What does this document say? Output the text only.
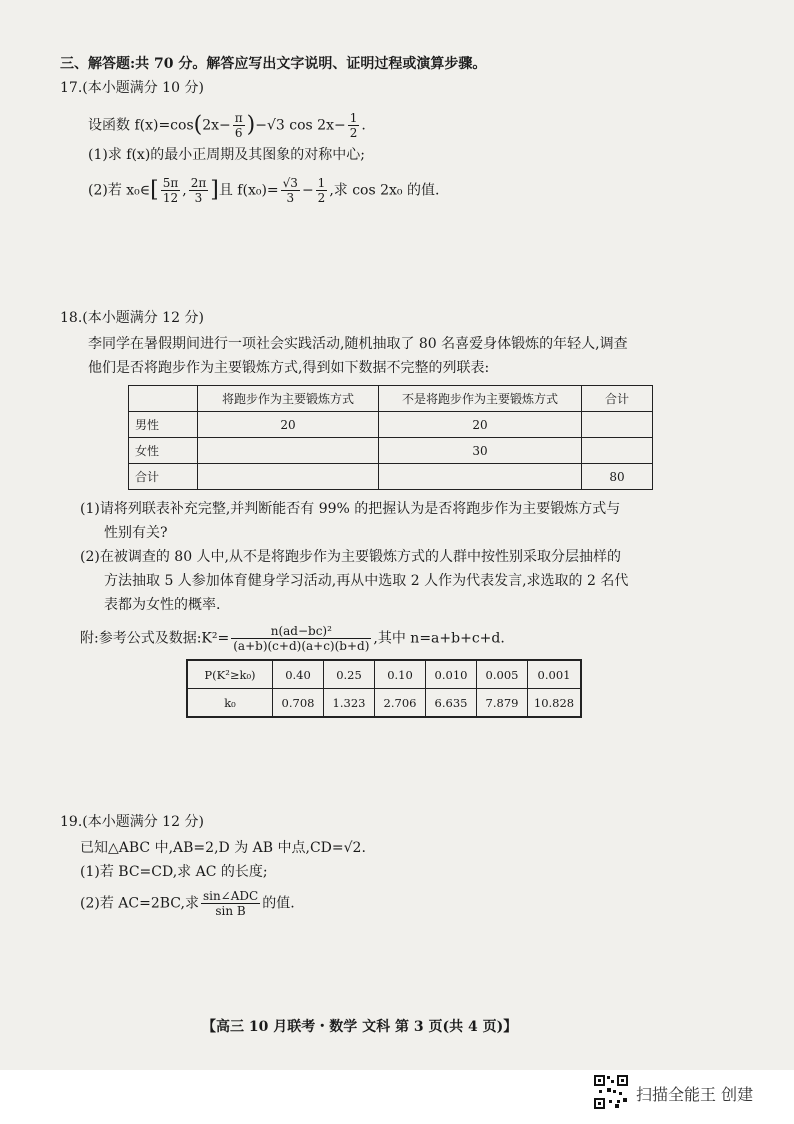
三、解答题:共 70 分。解答应写出文字说明、证明过程或演算步骤。
17.(本小题满分 10 分)
设函数 $f(x)=\cos(2x- \frac{\pi}{6} )-√3$ $\cos 2x- \frac{1}{2}$ .
(1)求 f(x)的最小正周期及其图象的对称中心;
(2)若 x₀∈[ $\frac{5\pi}{12}$ , $\frac{2\pi}{3}$ ]且 $f(x_0)= \frac{√3}{3} - \frac{1}{2}$ ,求 cos 2x₀ 的值.
18.(本小题满分 12 分)
李同学在暑假期间进行一项社会实践活动,随机抽取了 80 名喜爱身体锻炼的年轻人,调查
他们是否将跑步作为主要锻炼方式,得到如下数据不完整的列联表:
	将跑步作为主要锻炼方式	不是将跑步作为主要锻炼方式	合计
男性	20	20	
女性		30	
合计			80
(1)请将列联表补充完整,并判断能否有 99% 的把握认为是否将跑步作为主要锻炼方式与
性别有关?
(2)在被调查的 80 人中,从不是将跑步作为主要锻炼方式的人群中按性别采取分层抽样的
方法抽取 5 人参加体育健身学习活动,再从中选取 2 人作为代表发言,求选取的 2 名代
表都为女性的概率.
附:参考公式及数据:K²= $\frac{\text{n(ad−bc)²}}{(a+b)(c+d)(a+c)(b+d)}$ ,其中 n=a+b+c+d.
P(K²≥k₀)	0.40	0.25	0.10	0.010	0.005	0.001
k₀	0.708	1.323	2.706	6.635	7.879	10.828
19.(本小题满分 12 分)
已知△ABC 中,AB=2,D 为 AB 中点,CD=√2.
(1)若 BC=CD,求 AC 的长度;
(2)若 AC=2BC,求 $\frac{\text{sin∠ADC}}{\text{sin B}}$ 的值.
【高三 10 月联考・数学 文科 第 3 页(共 4 页)】
扫描全能王 创建
